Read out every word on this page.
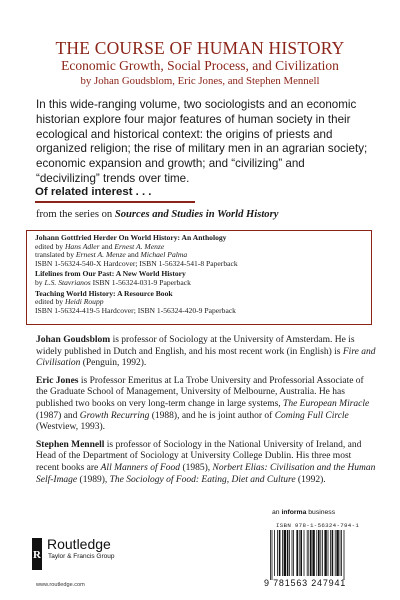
THE COURSE OF HUMAN HISTORY
Economic Growth, Social Process, and Civilization
by Johan Goudsblom, Eric Jones, and Stephen Mennell
In this wide-ranging volume, two sociologists and an economic historian explore four major features of human society in their ecological and historical context: the origins of priests and organized religion; the rise of military men in an agrarian society; economic expansion and growth; and “civilizing” and “decivilizing” trends over time.
Of related interest . . .
from the series on Sources and Studies in World History
Johann Gottfried Herder On World History: An Anthology
edited by Hans Adler and Ernest A. Menze
translated by Ernest A. Menze and Michael Palma
ISBN 1-56324-540-X Hardcover; ISBN 1-56324-541-8 Paperback
Lifelines from Our Past: A New World History
by L.S. Stavrianos ISBN 1-56324-031-9 Paperback
Teaching World History: A Resource Book
edited by Heidi Roupp
ISBN 1-56324-419-5 Hardcover; ISBN 1-56324-420-9 Paperback
Johan Goudsblom is professor of Sociology at the University of Amsterdam. He is widely published in Dutch and English, and his most recent work (in English) is Fire and Civilisation (Penguin, 1992).
Eric Jones is Professor Emeritus at La Trobe University and Professorial Associate of the Graduate School of Management, University of Melbourne, Australia. He has published two books on very long-term change in large systems, The European Miracle (1987) and Growth Recurring (1988), and he is joint author of Coming Full Circle (Westview, 1993).
Stephen Mennell is professor of Sociology in the National University of Ireland, and Head of the Department of Sociology at University College Dublin. His three most recent books are All Manners of Food (1985), Norbert Elias: Civilisation and the Human Self-Image (1989), The Sociology of Food: Eating, Diet and Culture (1992).
an informa business
R
Routledge
Taylor & Francis Group
www.routledge.com
ISBN 978-1-56324-794-1
9 781563 247941
